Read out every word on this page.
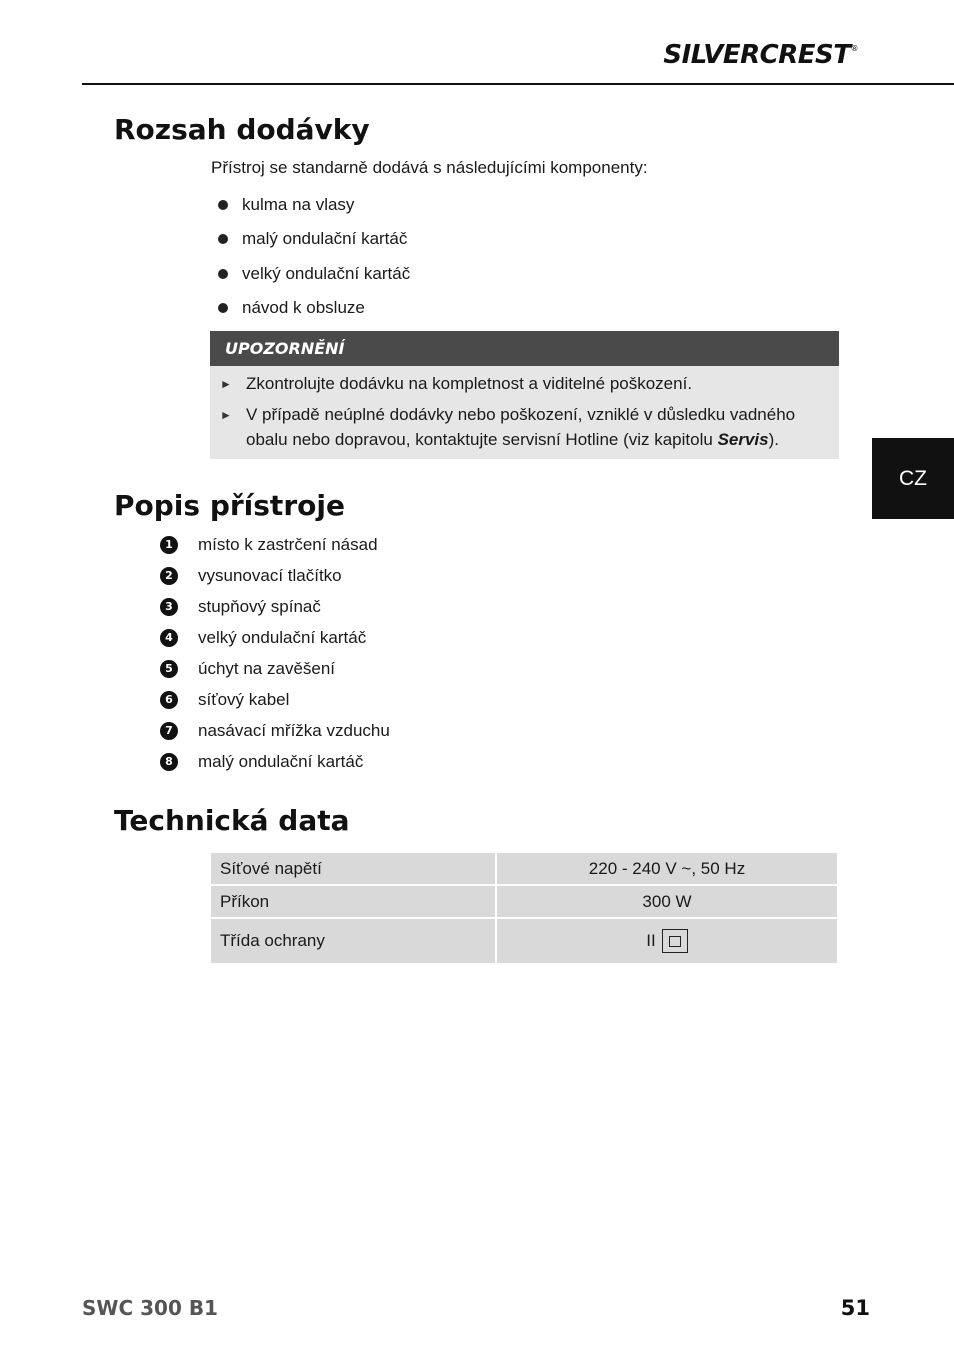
SILVERCREST®
Rozsah dodávky
Přístroj se standarně dodává s následujícími komponenty:
kulma na vlasy
malý ondulační kartáč
velký ondulační kartáč
návod k obsluze
UPOZORNĚNÍ
► Zkontrolujte dodávku na kompletnost a viditelné poškození.
► V případě neúplné dodávky nebo poškození, vzniklé v důsledku vadného
obalu nebo dopravou, kontaktujte servisní Hotline (viz kapitolu Servis).
Popis přístroje
1	místo k zastrčení násad
2	vysunovací tlačítko
3	stupňový spínač
4	velký ondulační kartáč
5	úchyt na zavěšení
6	síťový kabel
7	nasávací mřížka vzduchu
8	malý ondulační kartáč
Technická data
Síťové napětí	220 - 240 V ~, 50 Hz
Příkon	300 W
Třída ochrany	II
CZ
SWC 300 B1	51
